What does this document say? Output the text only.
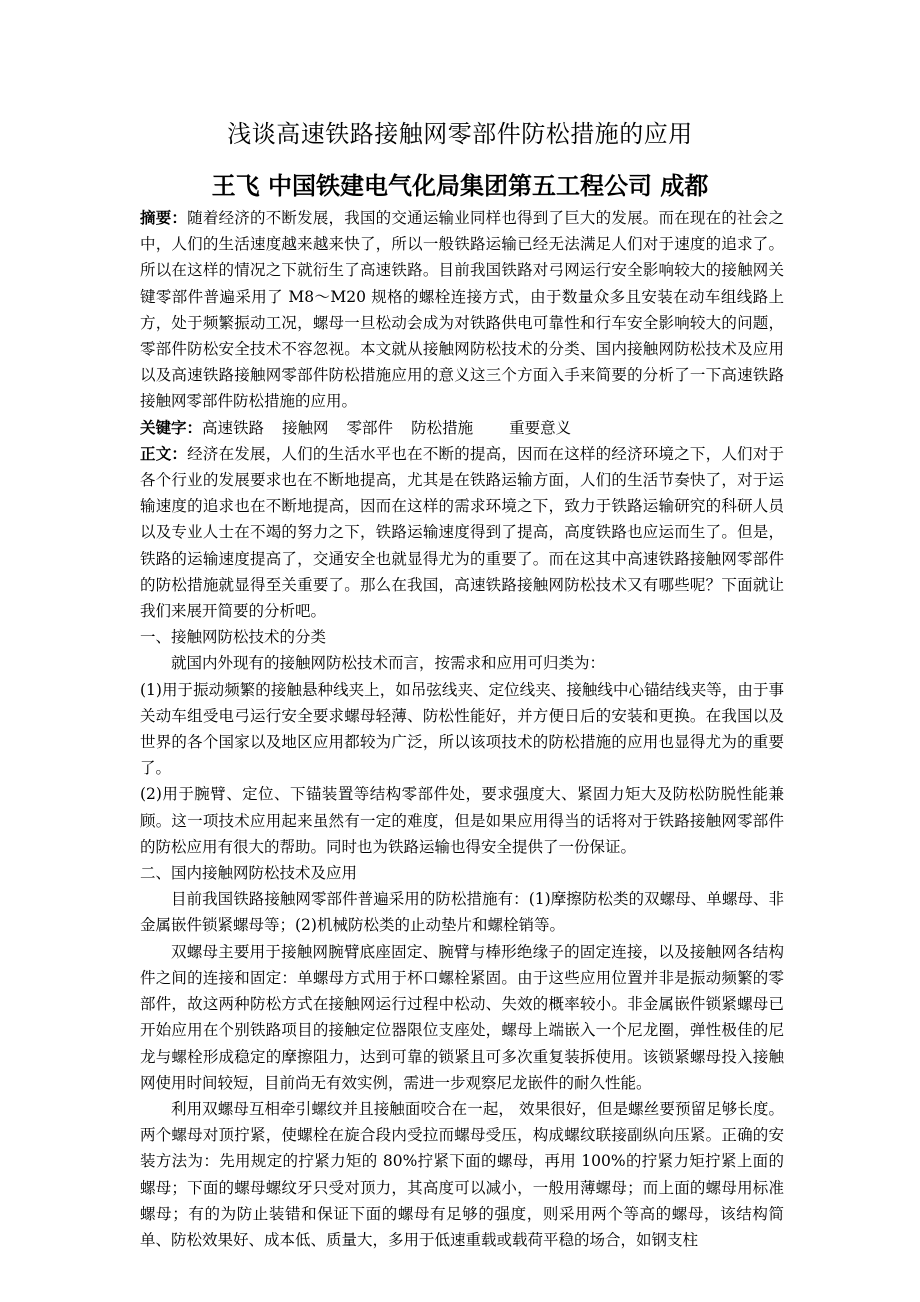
浅谈高速铁路接触网零部件防松措施的应用
王飞 中国铁建电气化局集团第五工程公司 成都

摘要：随着经济的不断发展，我国的交通运输业同样也得到了巨大的发展。而在现在的社会之中，人们的生活速度越来越来快了，所以一般铁路运输已经无法满足人们对于速度的追求了。所以在这样的情况之下就衍生了高速铁路。目前我国铁路对弓网运行安全影响较大的接触网关键零部件普遍采用了 M8～M20 规格的螺栓连接方式，由于数量众多且安装在动车组线路上方，处于频繁振动工况，螺母一旦松动会成为对铁路供电可靠性和行车安全影响较大的问题，零部件防松安全技术不容忽视。本文就从接触网防松技术的分类、国内接触网防松技术及应用以及高速铁路接触网零部件防松措施应用的意义这三个方面入手来简要的分析了一下高速铁路接触网零部件防松措施的应用。

关键字：高速铁路 接触网 零部件 防松措施 重要意义

正文：经济在发展，人们的生活水平也在不断的提高，因而在这样的经济环境之下，人们对于各个行业的发展要求也在不断地提高，尤其是在铁路运输方面，人们的生活节奏快了，对于运输速度的追求也在不断地提高，因而在这样的需求环境之下，致力于铁路运输研究的科研人员以及专业人士在不竭的努力之下，铁路运输速度得到了提高，高度铁路也应运而生了。但是，铁路的运输速度提高了，交通安全也就显得尤为的重要了。而在这其中高速铁路接触网零部件的防松措施就显得至关重要了。那么在我国，高速铁路接触网防松技术又有哪些呢？下面就让我们来展开简要的分析吧。

一、接触网防松技术的分类

就国内外现有的接触网防松技术而言，按需求和应用可归类为：

(1)用于振动频繁的接触悬种线夹上，如吊弦线夹、定位线夹、接触线中心锚结线夹等，由于事关动车组受电弓运行安全要求螺母轻薄、防松性能好，并方便日后的安装和更换。在我国以及世界的各个国家以及地区应用都较为广泛，所以该项技术的防松措施的应用也显得尤为的重要了。

(2)用于腕臂、定位、下锚装置等结构零部件处，要求强度大、紧固力矩大及防松防脱性能兼顾。这一项技术应用起来虽然有一定的难度，但是如果应用得当的话将对于铁路接触网零部件的防松应用有很大的帮助。同时也为铁路运输也得安全提供了一份保证。

二、国内接触网防松技术及应用

目前我国铁路接触网零部件普遍采用的防松措施有：(1)摩擦防松类的双螺母、单螺母、非金属嵌件锁紧螺母等；(2)机械防松类的止动垫片和螺栓销等。

双螺母主要用于接触网腕臂底座固定、腕臂与棒形绝缘子的固定连接，以及接触网各结构件之间的连接和固定：单螺母方式用于杯口螺栓紧固。由于这些应用位置并非是振动频繁的零部件，故这两种防松方式在接触网运行过程中松动、失效的概率较小。非金属嵌件锁紧螺母已开始应用在个别铁路项目的接触定位器限位支座处，螺母上端嵌入一个尼龙圈，弹性极佳的尼龙与螺栓形成稳定的摩擦阻力，达到可靠的锁紧且可多次重复装拆使用。该锁紧螺母投入接触网使用时间较短，目前尚无有效实例，需进一步观察尼龙嵌件的耐久性能。

利用双螺母互相牵引螺纹并且接触面咬合在一起， 效果很好，但是螺丝要预留足够长度。 两个螺母对顶拧紧，使螺栓在旋合段内受拉而螺母受压，构成螺纹联接副纵向压紧。正确的安装方法为：先用规定的拧紧力矩的 80%拧紧下面的螺母，再用 100%的拧紧力矩拧紧上面的螺母；下面的螺母螺纹牙只受对顶力，其高度可以减小，一般用薄螺母；而上面的螺母用标准螺母；有的为防止装错和保证下面的螺母有足够的强度，则采用两个等高的螺母，该结构简单、防松效果好、成本低、质量大，多用于低速重载或载荷平稳的场合，如钢支柱
